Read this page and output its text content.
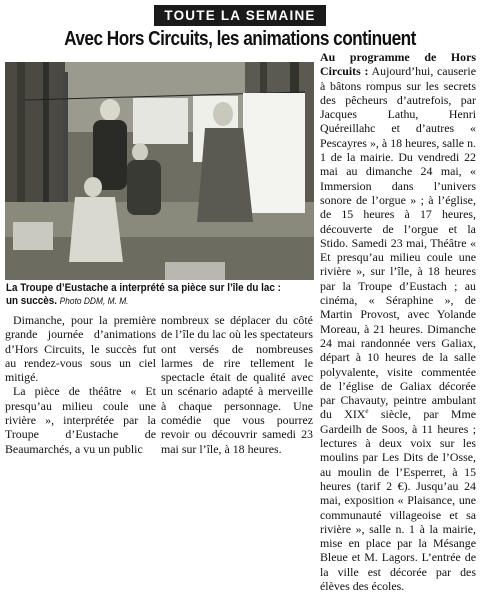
TOUTE LA SEMAINE
Avec Hors Circuits, les animations continuent
La Troupe d’Eustache a interprété sa pièce sur l’île du lac : un succès. Photo DDM, M. M.

Dimanche, pour la première grande journée d’animations d’Hors Circuits, le succès fut au rendez-vous sous un ciel mitigé.

La pièce de théâtre « Et presqu’au milieu coule une rivière », interprétée par la Troupe d’Eustache de Beaumarchés, a vu un public

nombreux se déplacer du côté de l’île du lac où les spectateurs ont versés de nombreuses larmes de rire tellement le spectacle était de qualité avec un scénario adapté à merveille à chaque personnage. Une comédie que vous pourrez revoir ou découvrir samedi 23 mai sur l’île, à 18 heures.

Au programme de Hors Circuits : Aujourd’hui, causerie à bâtons rompus sur les secrets des pêcheurs d’autrefois, par Jacques	Lathu,	Henri Quéreillahc et d’autres « Pescayres », à 18 heures, salle n. 1 de la mairie. Du vendredi 22 mai au dimanche 24 mai, « Immersion dans l’univers sonore de l’orgue » ; à l’église, de 15 heures à 17 heures, découverte de l’orgue et la Stido. Samedi 23 mai, Théâtre « Et presqu’au milieu coule une rivière », sur l’île, à 18 heures par la Troupe d’Eustach ; au cinéma, « Séraphine », de Martin Provost, avec Yolande Moreau, à 21 heures. Dimanche 24 mai randonnée vers Galiax, départ à 10 heures de la salle polyvalente, visite commentée de l’église de Galiax décorée par Chavauty, peintre ambulant du XIXe siècle, par Mme Gardeilh de Soos, à 11 heures ; lectures à deux voix sur les moulins par Les Dits de l’Osse, au moulin de l’Esperret, à 15 heures (tarif 2 €). Jusqu’au 24 mai, exposition « Plaisance, une communauté villageoise et sa rivière », salle n. 1 à la mairie, mise en place par la Mésange Bleue et M. Lagors. L’entrée de la ville est décorée par des élèves des écoles.
